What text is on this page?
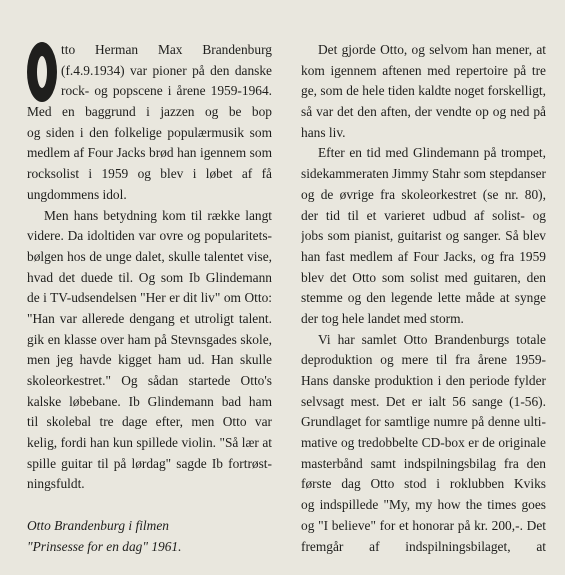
tto Herman Max Brandenburg
(f.4.9.1934) var pioner på den danske
rock- og popscene i årene 1959-1964.
Med en baggrund i jazzen og be bop
og siden i den folkelige populærmusik som
medlem af Four Jacks brød han igennem som
rocksolist i 1959 og blev i løbet af få
ungdommens idol.
Men hans betydning kom til række langt
videre. Da idoltiden var ovre og popularitets-
bølgen hos de unge dalet, skulle talentet vise,
hvad det duede til. Og som Ib Glindemann
de i TV-udsendelsen "Her er dit liv" om Otto:
"Han var allerede dengang et utroligt talent.
gik en klasse over ham på Stevnsgades skole,
men jeg havde kigget ham ud. Han skulle
skoleorkestret." Og sådan startede Otto's
kalske løbebane. Ib Glindemann bad ham
til skolebal tre dage efter, men Otto var
kelig, fordi han kun spillede violin. "Så lær at
spille guitar til på lørdag" sagde Ib fortrøst-
ningsfuldt.
Otto Brandenburg i filmen
"Prinsesse for en dag" 1961.
Det gjorde Otto, og selvom han mener, at
kom igennem aftenen med repertoire på tre
ge, som de hele tiden kaldte noget forskelligt,
så var det den aften, der vendte op og ned på
hans liv.
Efter en tid med Glindemann på trompet,
sidekammeraten Jimmy Stahr som stepdanser
og de øvrige fra skoleorkestret (se nr. 80),
der tid til et varieret udbud af solist- og
jobs som pianist, guitarist og sanger. Så blev
han fast medlem af Four Jacks, og fra 1959
blev det Otto som solist med guitaren, den
stemme og den legende lette måde at synge
der tog hele landet med storm.
Vi har samlet Otto Brandenburgs totale
deproduktion og mere til fra årene 1959-
Hans danske produktion i den periode fylder
selvsagt mest. Det er ialt 56 sange (1-56).
Grundlaget for samtlige numre på denne ulti-
mative og tredobbelte CD-box er de originale
masterbånd samt indspilningsbilag fra den
første dag Otto stod i roklubben Kviks
og indspillede "My, my how the times goes
og "I believe" for et honorar på kr. 200,-. Det
fremgår af indspilningsbilaget, at
